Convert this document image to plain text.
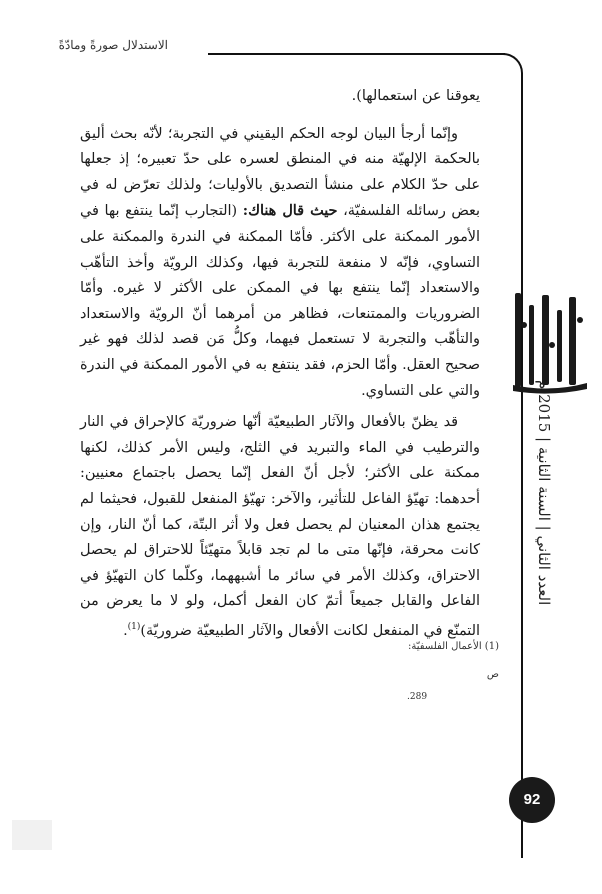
الاستدلال صورةً ومادّةً

يعوقنا عن استعمالها).

وإنّما أرجأ البيان لوجه الحكم اليقيني في التجربة؛ لأنّه بحث أليق بالحكمة الإلهيّة منه في المنطق لعسره على حدّ تعبيره؛ إذ جعلها على حدّ الكلام على منشأ التصديق بالأوليات؛ ولذلك تعرّض له في بعض رسائله الفلسفيّة، حيث قال هناك: (التجارب إنّما ينتفع بها في الأمور الممكنة على الأكثر. فأمّا الممكنة في الندرة والممكنة على التساوي، فإنّه لا منفعة للتجربة فيها، وكذلك الرويّة وأخذ التأهّب والاستعداد إنّما ينتفع بها في الممكن على الأكثر لا غيره. وأمّا الضروريات والممتنعات، فظاهر من أمرهما أنّ الرويّة والاستعداد والتأهّب والتجربة لا تستعمل فيهما، وكلُّ مَن قصد لذلك فهو غير صحيح العقل. وأمّا الحزم، فقد ينتفع به في الأمور الممكنة في الندرة والتي على التساوي.

قد يظنّ بالأفعال والآثار الطبيعيّة أنّها ضروريّة كالإحراق في النار والترطيب في الماء والتبريد في الثلج، وليس الأمر كذلك، لكنها ممكنة على الأكثر؛ لأجل أنّ الفعل إنّما يحصل باجتماع معنيين: أحدهما: تهيّؤ الفاعل للتأثير، والآخر: تهيّؤ المنفعل للقبول، فحيثما لم يجتمع هذان المعنيان لم يحصل فعل ولا أثر البتّة، كما أنّ النار، وإن كانت محرقة، فإنّها متى ما لم تجد قابلاً متهيّئاً للاحتراق لم يحصل الاحتراق، وكذلك الأمر في سائر ما أشبههما، وكلّما كان التهيّؤ في الفاعل والقابل جميعاً أتمّ كان الفعل أكمل، ولو لا ما يعرض من التمنّع في المنفعل لكانت الأفعال والآثار الطبيعيّة ضروريّة)$^{(1)}$.

العدد الثاني | السنة الثانية | 2015 م
(1) الأعمال الفلسفيّة: ص
289.
92
